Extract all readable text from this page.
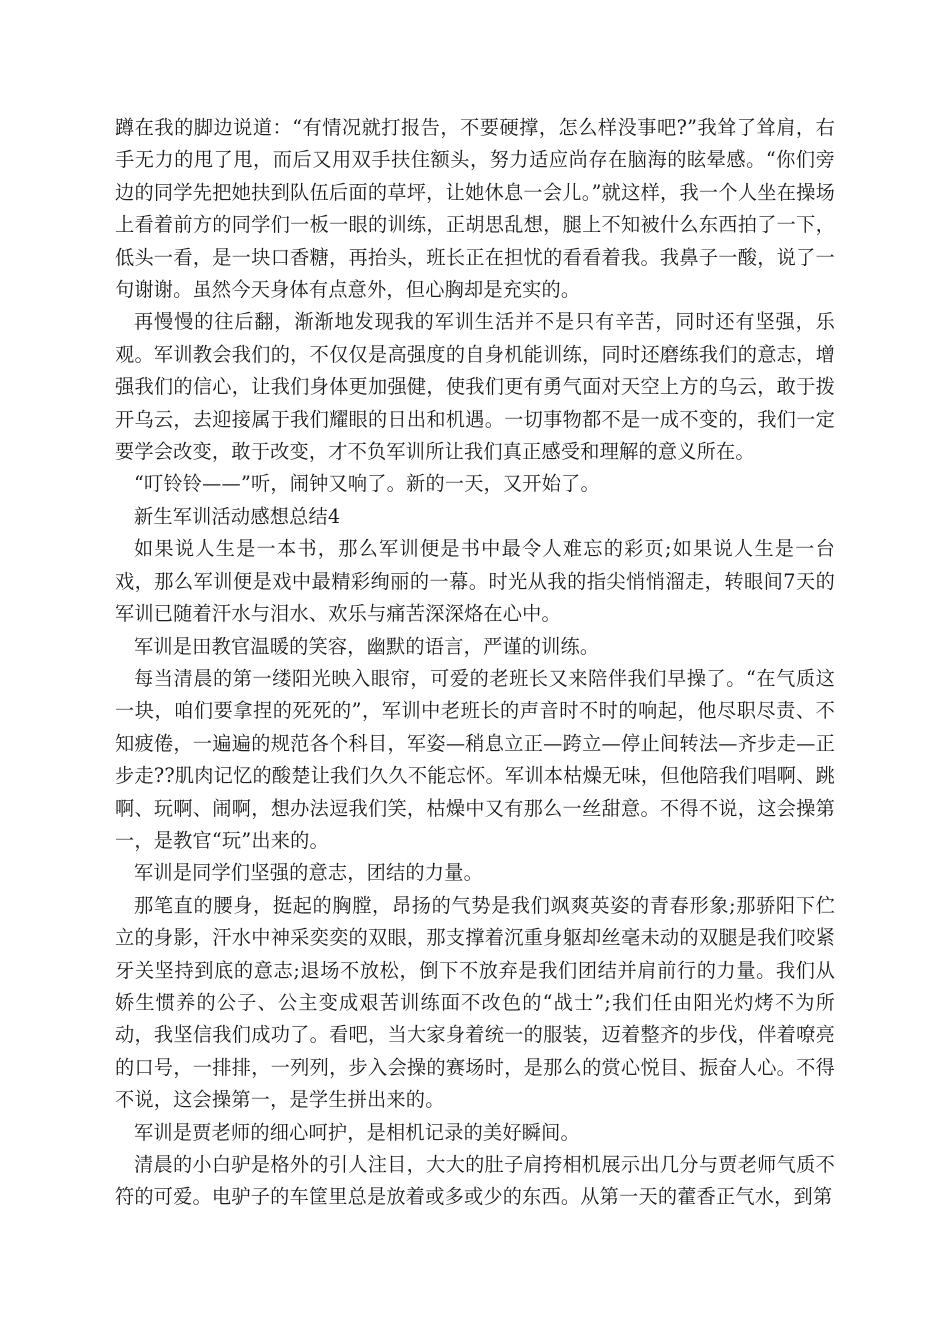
蹲在我的脚边说道：“有情况就打报告，不要硬撑，怎么样没事吧?”我耸了耸肩，右手无力的甩了甩，而后又用双手扶住额头，努力适应尚存在脑海的眩晕感。“你们旁边的同学先把她扶到队伍后面的草坪，让她休息一会儿。”就这样，我一个人坐在操场上看着前方的同学们一板一眼的训练，正胡思乱想，腿上不知被什么东西拍了一下，低头一看，是一块口香糖，再抬头，班长正在担忧的看看着我。我鼻子一酸，说了一句谢谢。虽然今天身体有点意外，但心胸却是充实的。

再慢慢的往后翻，渐渐地发现我的军训生活并不是只有辛苦，同时还有坚强，乐观。军训教会我们的，不仅仅是高强度的自身机能训练，同时还磨练我们的意志，增强我们的信心，让我们身体更加强健，使我们更有勇气面对天空上方的乌云，敢于拨开乌云，去迎接属于我们耀眼的日出和机遇。一切事物都不是一成不变的，我们一定要学会改变，敢于改变，才不负军训所让我们真正感受和理解的意义所在。

“叮铃铃——”听，闹钟又响了。新的一天，又开始了。

新生军训活动感想总结4

如果说人生是一本书，那么军训便是书中最令人难忘的彩页;如果说人生是一台戏，那么军训便是戏中最精彩绚丽的一幕。时光从我的指尖悄悄溜走，转眼间7天的军训已随着汗水与泪水、欢乐与痛苦深深烙在心中。

军训是田教官温暖的笑容，幽默的语言，严谨的训练。

每当清晨的第一缕阳光映入眼帘，可爱的老班长又来陪伴我们早操了。“在气质这一块，咱们要拿捏的死死的”，军训中老班长的声音时不时的响起，他尽职尽责、不知疲倦，一遍遍的规范各个科目，军姿—稍息立正—跨立—停止间转法—齐步走—正步走??肌肉记忆的酸楚让我们久久不能忘怀。军训本枯燥无味，但他陪我们唱啊、跳啊、玩啊、闹啊，想办法逗我们笑，枯燥中又有那么一丝甜意。不得不说，这会操第一，是教官“玩”出来的。

军训是同学们坚强的意志，团结的力量。

那笔直的腰身，挺起的胸膛，昂扬的气势是我们飒爽英姿的青春形象;那骄阳下伫立的身影，汗水中神采奕奕的双眼，那支撑着沉重身躯却丝毫未动的双腿是我们咬紧牙关坚持到底的意志;退场不放松，倒下不放弃是我们团结并肩前行的力量。我们从娇生惯养的公子、公主变成艰苦训练面不改色的“战士”;我们任由阳光灼烤不为所动，我坚信我们成功了。看吧，当大家身着统一的服装，迈着整齐的步伐，伴着嘹亮的口号，一排排，一列列，步入会操的赛场时，是那么的赏心悦目、振奋人心。不得不说，这会操第一，是学生拼出来的。

军训是贾老师的细心呵护，是相机记录的美好瞬间。

清晨的小白驴是格外的引人注目，大大的肚子肩挎相机展示出几分与贾老师气质不符的可爱。电驴子的车筐里总是放着或多或少的东西。从第一天的藿香正气水，到第
